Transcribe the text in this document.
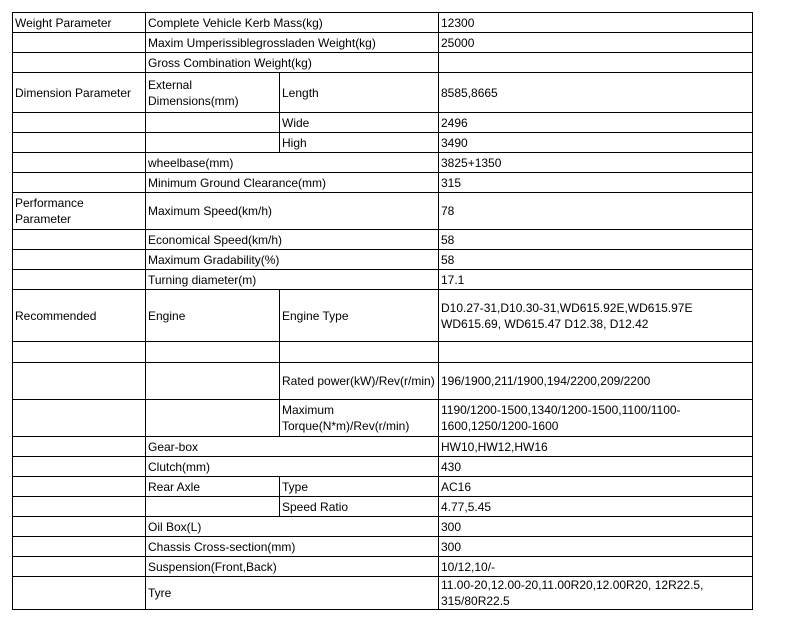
Weight Parameter	Complete Vehicle Kerb Mass(kg)		12300
	Maxim Umperissiblegrossladen Weight(kg)		25000
	Gross Combination Weight(kg)		
Dimension Parameter	External Dimensions(mm)	Length	8585,8665
		Wide	2496
		High	3490
	wheelbase(mm)		3825+1350
	Minimum Ground Clearance(mm)		315
Performance Parameter	Maximum Speed(km/h)		78
	Economical Speed(km/h)		58
	Maximum Gradability(%)		58
	Turning diameter(m)		17.1
Recommended	Engine	Engine Type	D10.27-31,D10.30-31,WD615.92E,WD615.97E WD615.69, WD615.47 D12.38, D12.42

		Rated power(kW)/Rev(r/min)	196/1900,211/1900,194/2200,209/2200
		Maximum Torque(N*m)/Rev(r/min)	1190/1200-1500,1340/1200-1500,1100/1100-1600,1250/1200-1600
	Gear-box		HW10,HW12,HW16
	Clutch(mm)		430
	Rear Axle	Type	AC16
		Speed Ratio	4.77,5.45
	Oil Box(L)		300
	Chassis Cross-section(mm)		300
	Suspension(Front,Back)		10/12,10/-
	Tyre		11.00-20,12.00-20,11.00R20,12.00R20, 12R22.5, 315/80R22.5
